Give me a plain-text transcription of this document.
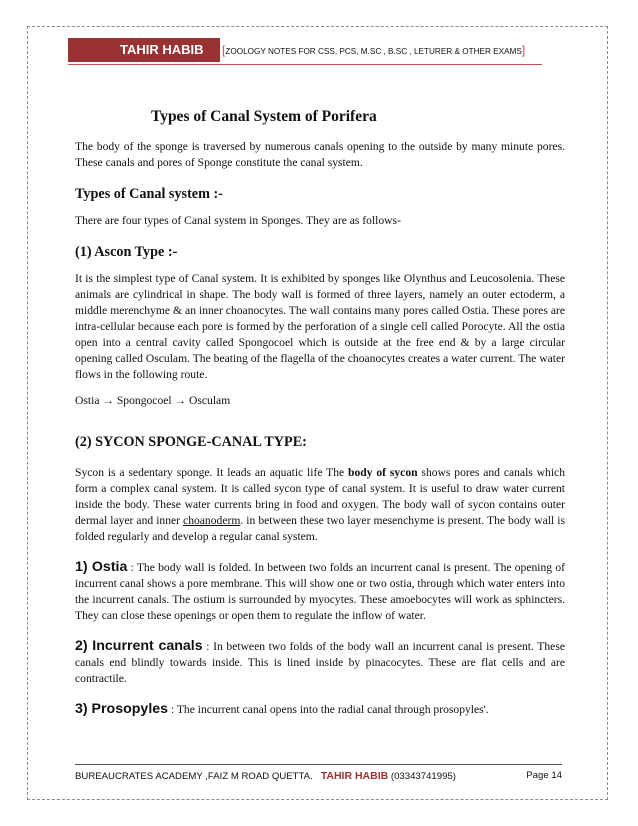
TAHIR HABIB	[ZOOLOGY NOTES FOR CSS, PCS, M.SC , B.SC , LETURER & OTHER EXAMS]
Types of Canal System of Porifera

The body of the sponge is traversed by numerous canals opening to the outside by many minute pores. These canals and pores of Sponge constitute the canal system.

Types of Canal system :-

There are four types of Canal system in Sponges. They are as follows-

(1) Ascon Type :-

It is the simplest type of Canal system. It is exhibited by sponges like Olynthus and Leucosolenia. These animals are cylindrical in shape. The body wall is formed of three layers, namely an outer ectoderm, a middle merenchyme & an inner choanocytes. The wall contains many pores called Ostia. These pores are intra-cellular because each pore is formed by the perforation of a single cell called Porocyte. All the ostia open into a central cavity called Spongocoel which is outside at the free end & by a large circular opening called Osculam. The beating of the flagella of the choanocytes creates a water current. The water flows in the following route.

Ostia → Spongocoel → Osculam

(2) SYCON SPONGE-CANAL TYPE:

Sycon is a sedentary sponge. It leads an aquatic life The body of sycon shows pores and canals which form a complex canal system. It is called sycon type of canal system. It is useful to draw water current inside the body. These water currents bring in food and oxygen. The body wall of sycon contains outer dermal layer and inner choanoderm. in between these two layer mesenchyme is present. The body wall is folded regularly and develop a regular canal system.

1) Ostia : The body wall is folded. In between two folds an incurrent canal is present. The opening of incurrent canal shows a pore membrane. This will show one or two ostia, through which water enters into the incurrent canals. The ostium is surrounded by myocytes. These amoebocytes will work as sphincters. They can close these openings or open them to regulate the inflow of water.

2) Incurrent canals : In between two folds of the body wall an incurrent canal is present. These canals end blindly towards inside. This is lined inside by pinacocytes. These are flat cells and are contractile.

3) Prosopyles : The incurrent canal opens into the radial canal through prosopyles'.

BUREAUCRATES ACADEMY ,FAIZ M ROAD QUETTA. TAHIR HABIB (03343741995)	Page 14
